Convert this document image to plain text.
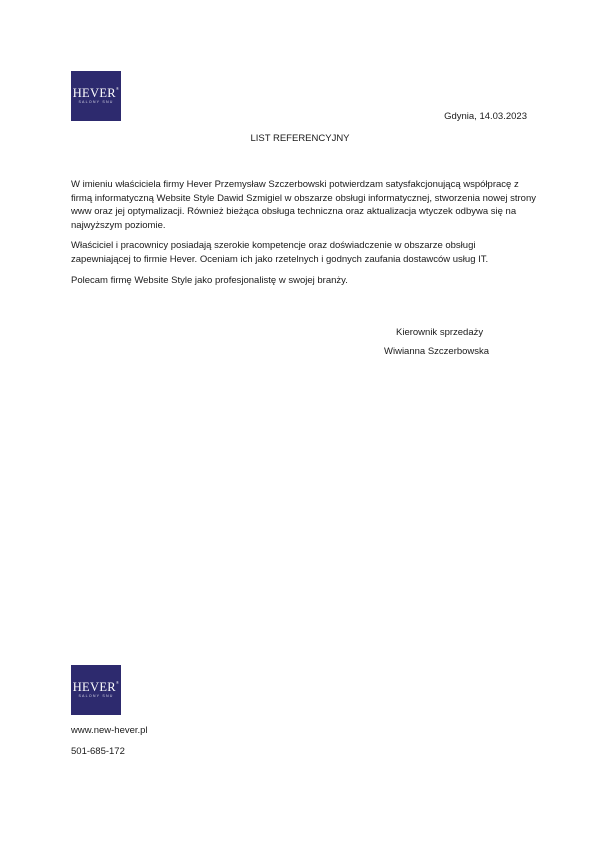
HEVER®
SALONY SNU
Gdynia, 14.03.2023
LIST REFERENCYJNY

W imieniu właściciela firmy Hever Przemysław Szczerbowski potwierdzam satysfakcjonującą współpracę z firmą informatyczną Website Style Dawid Szmigiel w obszarze obsługi informatycznej, stworzenia nowej strony www oraz jej optymalizacji. Również bieżąca obsługa techniczna oraz aktualizacja wtyczek odbywa się na najwyższym poziomie.

Właściciel i pracownicy posiadają szerokie kompetencje oraz doświadczenie w obszarze obsługi zapewniającej to firmie Hever. Oceniam ich jako rzetelnych i godnych zaufania dostawców usług IT.

Polecam firmę Website Style jako profesjonalistę w swojej branży.

Kierownik sprzedaży
Wiwianna Szczerbowska
HEVER®
SALONY SNU
www.new-hever.pl
501-685-172
